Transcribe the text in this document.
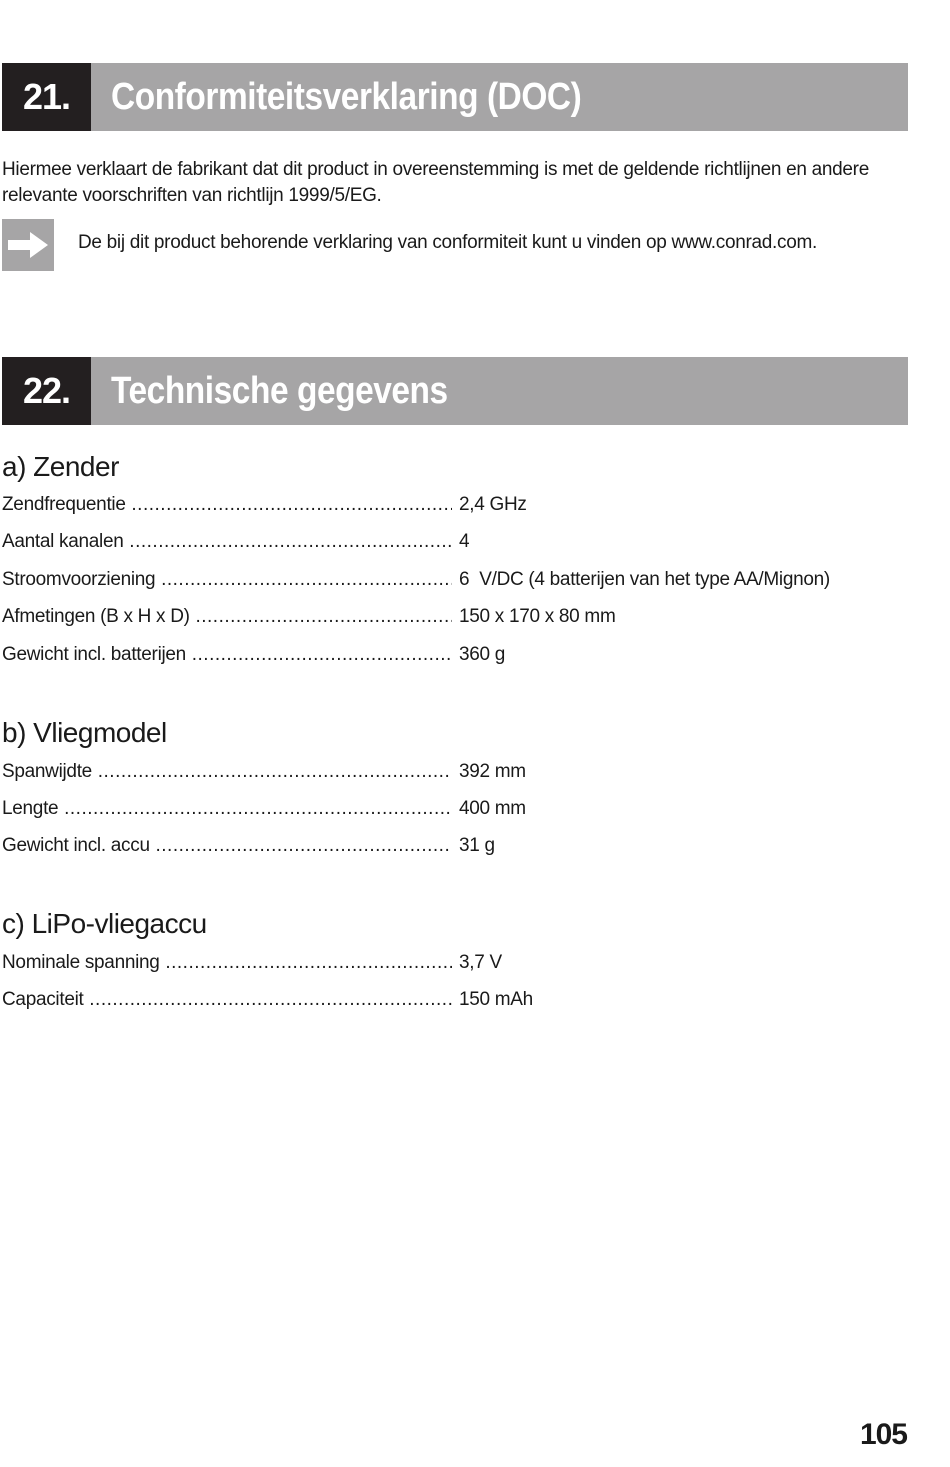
21.	Conformiteitsverklaring (DOC)
Hiermee verklaart de fabrikant dat dit product in overeenstemming is met de geldende richtlijnen en andere relevante voorschriften van richtlijn 1999/5/EG.
De bij dit product behorende verklaring van conformiteit kunt u vinden op www.conrad.com.
22.	Technische gegevens
a) Zender
Zendfrequentie .....	2,4 GHz
Aantal kanalen .....	4
Stroomvoorziening .....	6  V/DC (4 batterijen van het type AA/Mignon)
Afmetingen (B x H x D) .....	150 x 170 x 80 mm
Gewicht incl. batterijen .....	360 g
b) Vliegmodel
Spanwijdte .....	392 mm
Lengte .....	400 mm
Gewicht incl. accu .....	31 g
c) LiPo-vliegaccu
Nominale spanning .....	3,7 V
Capaciteit .....	150 mAh
105
